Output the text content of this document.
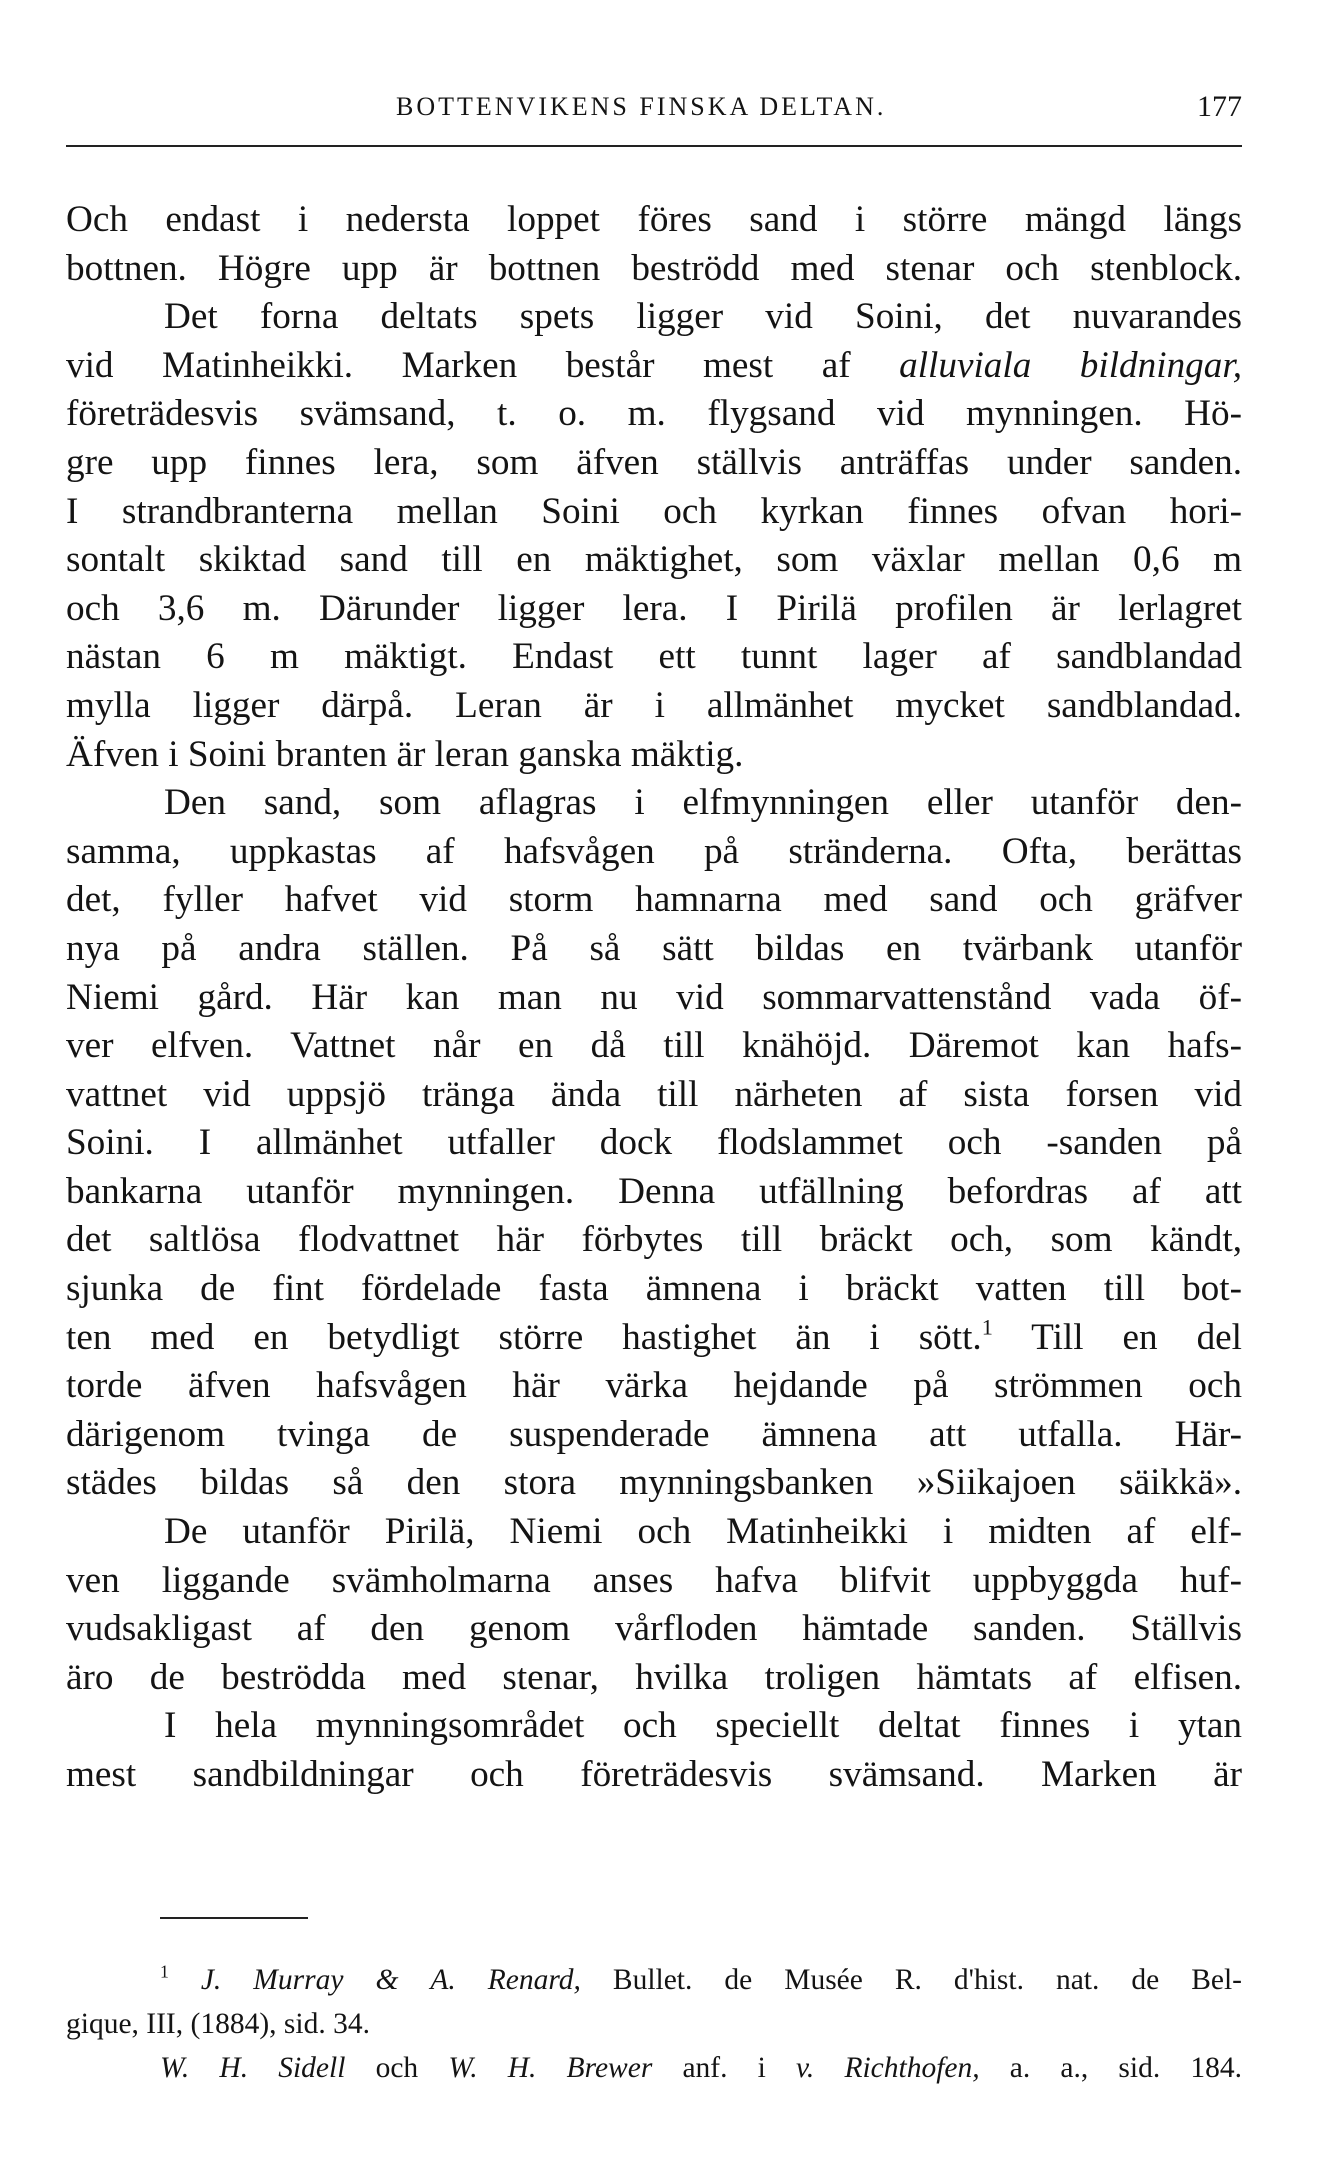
BOTTENVIKENS FINSKA DELTAN.	177
Och endast i nedersta loppet föres sand i större mängd längs
bottnen. Högre upp är bottnen beströdd med stenar och stenblock.
Det forna deltats spets ligger vid Soini, det nuvarandes
vid Matinheikki. Marken består mest af alluviala bildningar,
företrädesvis svämsand, t. o. m. flygsand vid mynningen. Hö-
gre upp finnes lera, som äfven ställvis anträffas under sanden.
I strandbranterna mellan Soini och kyrkan finnes ofvan hori-
sontalt skiktad sand till en mäktighet, som växlar mellan 0,6 m
och 3,6 m. Därunder ligger lera. I Pirilä profilen är lerlagret
nästan 6 m mäktigt. Endast ett tunnt lager af sandblandad
mylla ligger därpå. Leran är i allmänhet mycket sandblandad.
Äfven i Soini branten är leran ganska mäktig.
Den sand, som aflagras i elfmynningen eller utanför den-
samma, uppkastas af hafsvågen på stränderna. Ofta, berättas
det, fyller hafvet vid storm hamnarna med sand och gräfver
nya på andra ställen. På så sätt bildas en tvärbank utanför
Niemi gård. Här kan man nu vid sommarvattenstånd vada öf-
ver elfven. Vattnet når en då till knähöjd. Däremot kan hafs-
vattnet vid uppsjö tränga ända till närheten af sista forsen vid
Soini. I allmänhet utfaller dock flodslammet och -sanden på
bankarna utanför mynningen. Denna utfällning befordras af att
det saltlösa flodvattnet här förbytes till bräckt och, som kändt,
sjunka de fint fördelade fasta ämnena i bräckt vatten till bot-
ten med en betydligt större hastighet än i sött.$^1$ Till en del
torde äfven hafsvågen här värka hejdande på strömmen och
därigenom tvinga de suspenderade ämnena att utfalla. Här-
städes bildas så den stora mynningsbanken »Siikajoen säikkä».
De utanför Pirilä, Niemi och Matinheikki i midten af elf-
ven liggande svämholmarna anses hafva blifvit uppbyggda huf-
vudsakligast af den genom vårfloden hämtade sanden. Ställvis
äro de beströdda med stenar, hvilka troligen hämtats af elfisen.
I hela mynningsområdet och speciellt deltat finnes i ytan
mest sandbildningar och företrädesvis svämsand. Marken är
$^1$ J. Murray & A. Renard, Bullet. de Musée R. d'hist. nat. de Bel-
gique, III, (1884), sid. 34.
W. H. Sidell och W. H. Brewer anf. i v. Richthofen, a. a., sid. 184.
